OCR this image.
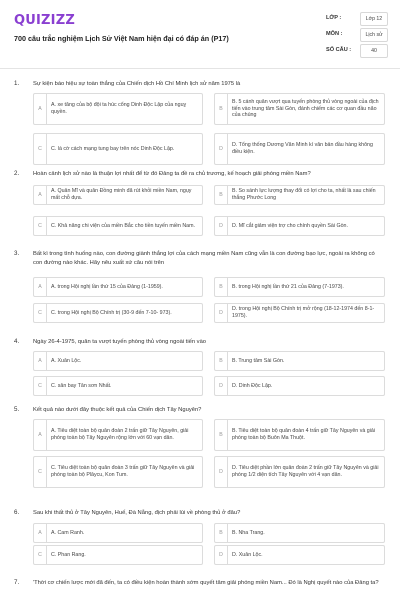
QUIZIZZ
700 câu trắc nghiệm Lịch Sử Việt Nam hiện đại có đáp án (P17)
LỚP :	Lớp 12
MÔN :	Lịch sử
SỐ CÂU :	40
1. Sự kiện báo hiệu sự toàn thắng của Chiến dịch Hồ Chí Minh lịch sử năm 1975 là
A
A. xe tăng của bộ đội ta húc cổng Dinh Độc Lập của nguỵ quyền.	B
B. 5 cánh quân vượt qua tuyến phòng thủ vòng ngoài của địch tiến vào trung tâm Sài Gòn, đánh chiếm các cơ quan đầu não của chúng
C	C. lá cờ cách mạng tung bay trên nóc Dinh Độc Lập.	D
D. Tổng thống Dương Văn Minh kí văn bản đầu hàng không điều kiện.
2. Hoàn cảnh lịch sử nào là thuận lợi nhất để từ đó Đảng ta đề ra chủ trương, kế hoạch giải phóng miền Nam?
A
A. Quân Mĩ và quân Đồng minh đã rút khỏi miền Nam, ngụy mất chỗ dựa.	B
B. So sánh lực lượng thay đổi có lợi cho ta, nhất là sau chiến thắng Phước Long
C	C. Khả năng chi viện của miền Bắc cho tiền tuyến miền Nam.	D	D. Mĩ cắt giảm viện trợ cho chính quyền Sài Gòn.
3. Bất kì trong tình huống nào, con đường giành thắng lợi của cách mạng miền Nam cũng vẫn là con đường bạo lực, ngoài ra không có con đường nào khác. Hãy nêu xuất xứ câu nói trên
A	A. trong Hội nghị lần thứ 15 của Đảng (1-1959).	B	B. trong Hội nghị lần thứ 21 của Đảng (7-1973).
C	C. trong Hội nghị Bộ Chính trị (30-9 đến 7-10- 973).	D
D. trong Hội nghị Bộ Chính trị mở rộng (18-12-1974 đến 8-1-1975).
4. Ngày 26-4-1975, quân ta vượt tuyến phòng thủ vòng ngoài tiến vào
A	A. Xuân Lộc.	B	B. Trung tâm Sài Gòn.
C	C. sân bay Tân sơn Nhất.	D	D. Dinh Độc Lập.
5. Kết quả nào dưới đây thuộc kết quả của Chiến dịch Tây Nguyên?
A
A. Tiêu diệt toàn bộ quân đoàn 2 trấn giữ Tây Nguyên, giải phóng toàn bộ Tây Nguyên rộng lớn với 60 vạn dân.	B
B. Tiêu diệt toàn bộ quân đoàn 4 trấn giữ Tây Nguyên và giải phóng toàn bộ Buôn Ma Thuột.
C
C. Tiêu diệt toàn bộ quân đoàn 3 trấn giữ Tây Nguyên và giải phóng toàn bộ Plâycu, Kon Tum.	D
D. Tiêu diệt phần lớn quân đoàn 2 trấn giữ Tây Nguyên và giải phóng 1/2 diện tích Tây Nguyên với 4 vạn dân.
6. Sau khi thất thủ ở Tây Nguyên, Huế, Đà Nẵng, địch phải lùi về phòng thủ ở đâu?
A	A. Cam Ranh.	B	B. Nha Trang.
C	C. Phan Rang.	D	D. Xuân Lộc.
7. 'Thời cơ chiến lược mới đã đến, ta có điều kiện hoàn thành sớm quyết tâm giải phóng miền Nam... Đó là Nghị quyết nào của Đảng ta?
